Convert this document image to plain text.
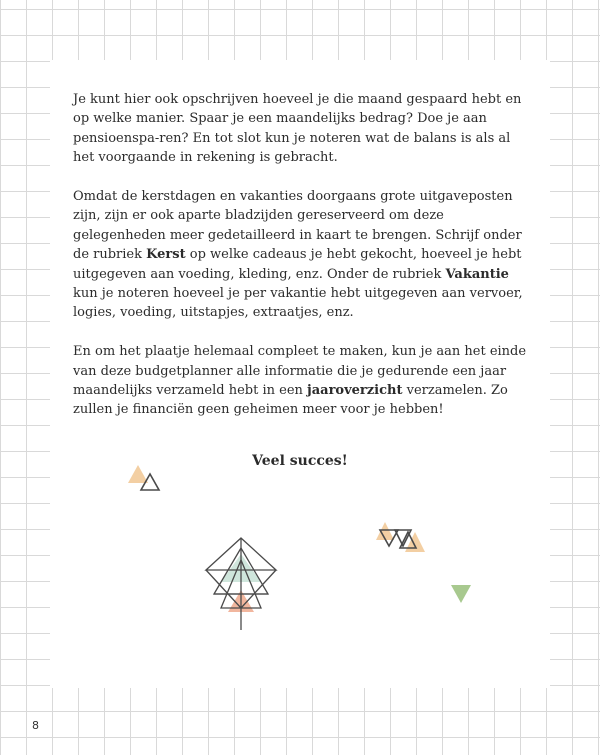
Je kunt hier ook opschrijven hoeveel je die maand gespaard hebt en op welke manier. Spaar je een maandelijks bedrag? Doe je aan pensioenspa-ren? En tot slot kun je noteren wat de balans is als al het voorgaande in rekening is gebracht.

Omdat de kerstdagen en vakanties doorgaans grote uitgaveposten zijn, zijn er ook aparte bladzijden gereserveerd om deze gelegenheden meer gedetailleerd in kaart te brengen. Schrijf onder de rubriek Kerst op welke cadeaus je hebt gekocht, hoeveel je hebt uitgegeven aan voeding, kleding, enz. Onder de rubriek Vakantie kun je noteren hoeveel je per vakantie hebt uitgegeven aan vervoer, logies, voeding, uitstapjes, extraatjes, enz.

En om het plaatje helemaal compleet te maken, kun je aan het einde van deze budgetplanner alle informatie die je gedurende een jaar maandelijks verzameld hebt in een jaaroverzicht verzamelen. Zo zullen je financiën geen geheimen meer voor je hebben!

Veel succes!
8
